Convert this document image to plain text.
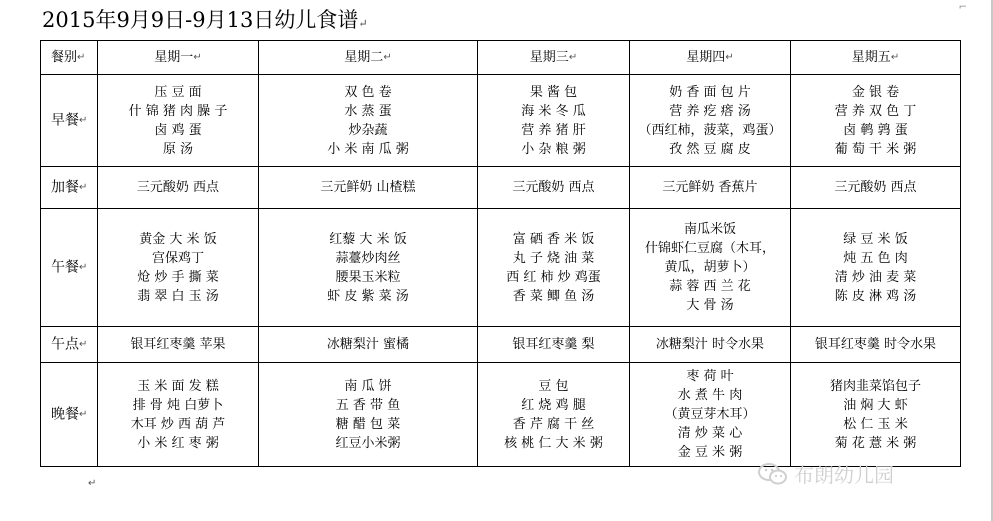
2015年9月9日-9月13日幼儿食谱↵
⌐
餐别↵	星期一↵	星期二↵	星期三↵	星期四↵	星期五↵
早餐↵	压 豆 面
什 锦 猪 肉 臊 子
卤 鸡 蛋
原 汤	双 色 卷
水 蒸 蛋
炒杂蔬
小 米 南 瓜 粥	果 酱 包
海 米 冬 瓜
营 养 猪 肝
小 杂 粮 粥	奶 香 面 包 片
营 养 疙 瘩 汤
（西红柿，菠菜，鸡蛋）
孜 然 豆 腐 皮	金 银 卷
营 养 双 色 丁
卤 鹌 鹑 蛋
葡 萄 干 米 粥

加餐↵	三元酸奶 西点	三元鲜奶 山楂糕	三元酸奶 西点	三元鲜奶 香蕉片	三元酸奶 西点

午餐↵	黄金 大 米 饭
宫保鸡丁
炝 炒 手 撕 菜
翡 翠 白 玉 汤	红藜 大 米 饭
蒜薹炒肉丝
腰果玉米粒
虾 皮 紫 菜 汤	富 硒 香 米 饭
丸 子 烧 油 菜
西 红 柿 炒 鸡蛋
香 菜 鲫 鱼 汤	南瓜米饭
什锦虾仁豆腐（木耳，
黄瓜，胡萝卜）
蒜 蓉 西 兰 花
大 骨 汤	绿 豆 米 饭
炖 五 色 肉
清 炒 油 麦 菜
陈 皮 淋 鸡 汤

午点↵	银耳红枣羹 苹果	冰糖梨汁 蜜橘	银耳红枣羹 梨	冰糖梨汁 时令水果	银耳红枣羹 时令水果

晚餐↵	玉 米 面 发 糕
排 骨 炖 白萝卜
木耳 炒 西 葫 芦
小 米 红 枣 粥	南 瓜 饼
五 香 带 鱼
糖 醋 包 菜
红豆小米粥	豆 包
红 烧 鸡 腿
香 芹 腐 干 丝
核 桃 仁 大 米 粥	枣 荷 叶
水 煮 牛 肉
（黄豆芽木耳）
清 炒 菜 心
金 豆 米 粥	猪肉韭菜馅包子
油 焖 大 虾
松 仁 玉 米
菊 花 薏 米 粥
布朗幼儿园
↵
